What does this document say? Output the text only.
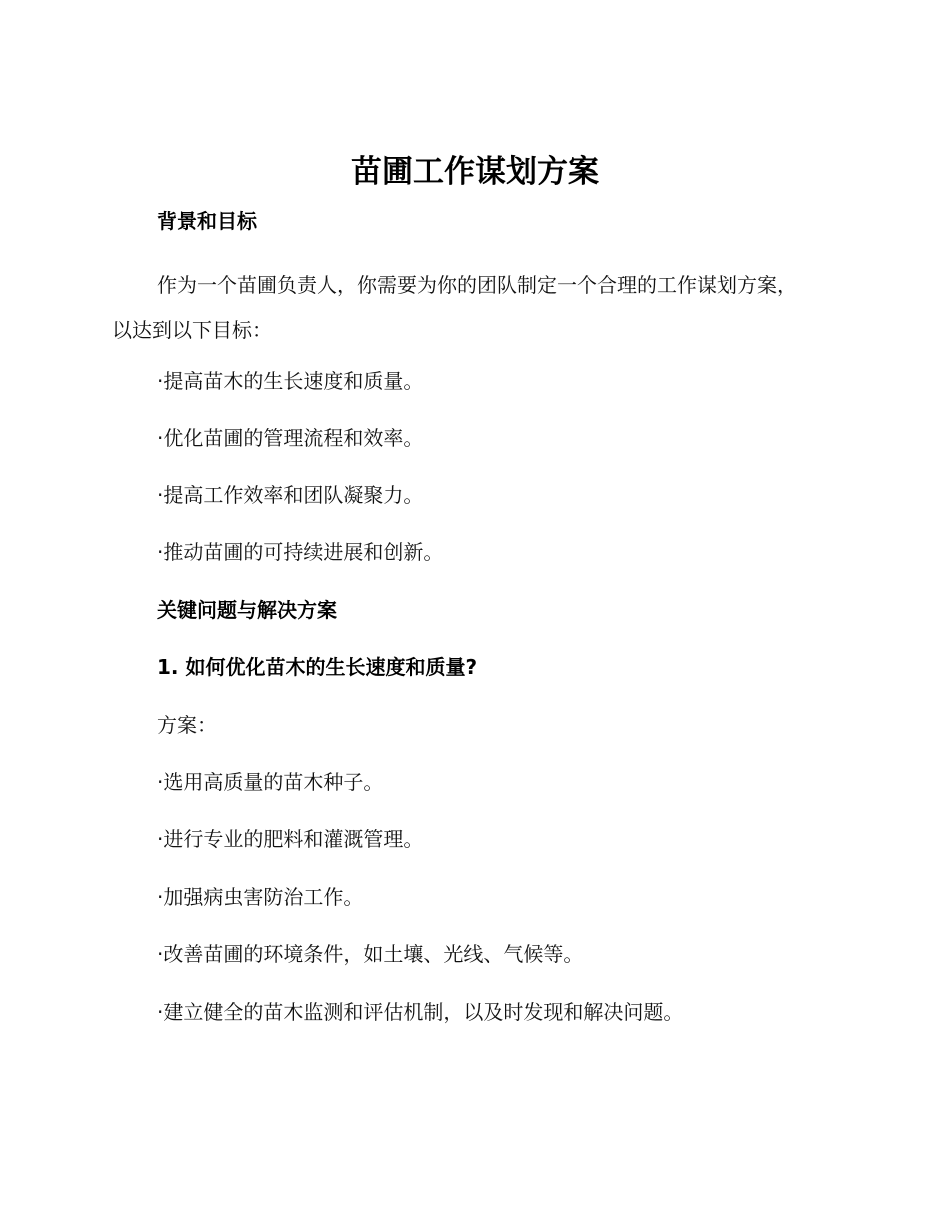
苗圃工作谋划方案

背景和目标

作为一个苗圃负责人，你需要为你的团队制定一个合理的工作谋划方案，以达到以下目标：

·提高苗木的生长速度和质量。

·优化苗圃的管理流程和效率。

·提高工作效率和团队凝聚力。

·推动苗圃的可持续进展和创新。

关键问题与解决方案

1. 如何优化苗木的生长速度和质量?

方案：

·选用高质量的苗木种子。

·进行专业的肥料和灌溉管理。

·加强病虫害防治工作。

·改善苗圃的环境条件，如土壤、光线、气候等。

·建立健全的苗木监测和评估机制，以及时发现和解决问题。
